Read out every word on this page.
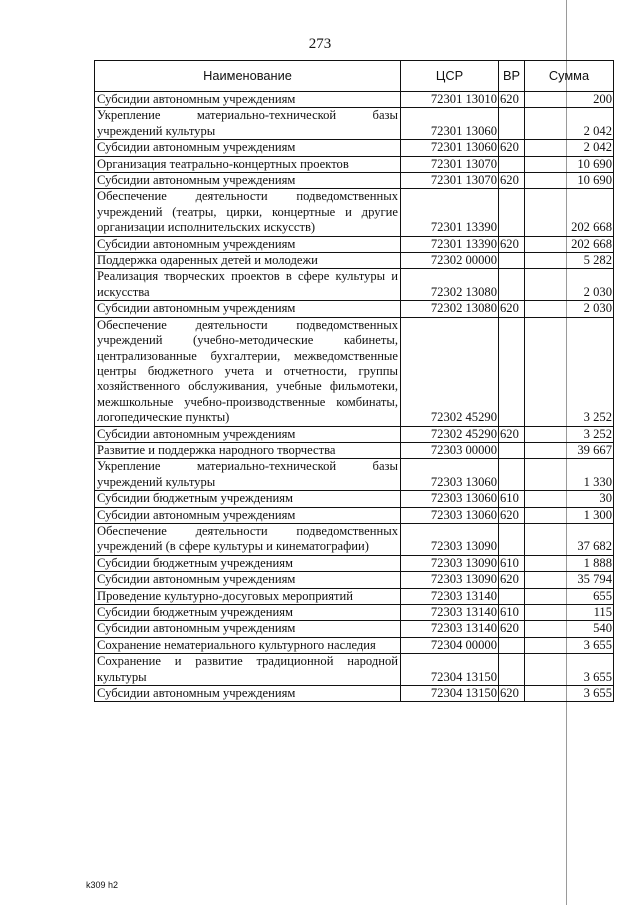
273
Наименование	ЦСР	ВР	Сумма
Субсидии автономным учреждениям	72301 13010	620	200
Укрепление материально-технической базы учреждений культуры	72301 13060		2 042
Субсидии автономным учреждениям	72301 13060	620	2 042
Организация театрально-концертных проектов	72301 13070		10 690
Субсидии автономным учреждениям	72301 13070	620	10 690
Обеспечение деятельности подведомственных учреждений (театры, цирки, концертные и другие организации исполнительских искусств)	72301 13390		202 668
Субсидии автономным учреждениям	72301 13390	620	202 668
Поддержка одаренных детей и молодежи	72302 00000		5 282
Реализация творческих проектов в сфере культуры и искусства	72302 13080		2 030
Субсидии автономным учреждениям	72302 13080	620	2 030
Обеспечение деятельности подведомственных учреждений (учебно-методические кабинеты, централизованные бухгалтерии, межведомственные центры бюджетного учета и отчетности, группы хозяйственного обслуживания, учебные фильмотеки, межшкольные учебно-производственные комбинаты, логопедические пункты)	72302 45290		3 252
Субсидии автономным учреждениям	72302 45290	620	3 252
Развитие и поддержка народного творчества	72303 00000		39 667
Укрепление материально-технической базы учреждений культуры	72303 13060		1 330
Субсидии бюджетным учреждениям	72303 13060	610	30
Субсидии автономным учреждениям	72303 13060	620	1 300
Обеспечение деятельности подведомственных учреждений (в сфере культуры и кинематографии)	72303 13090		37 682
Субсидии бюджетным учреждениям	72303 13090	610	1 888
Субсидии автономным учреждениям	72303 13090	620	35 794
Проведение культурно-досуговых мероприятий	72303 13140		655
Субсидии бюджетным учреждениям	72303 13140	610	115
Субсидии автономным учреждениям	72303 13140	620	540
Сохранение нематериального культурного наследия	72304 00000		3 655
Сохранение и развитие традиционной народной культуры	72304 13150		3 655
Субсидии автономным учреждениям	72304 13150	620	3 655
k309 h2
